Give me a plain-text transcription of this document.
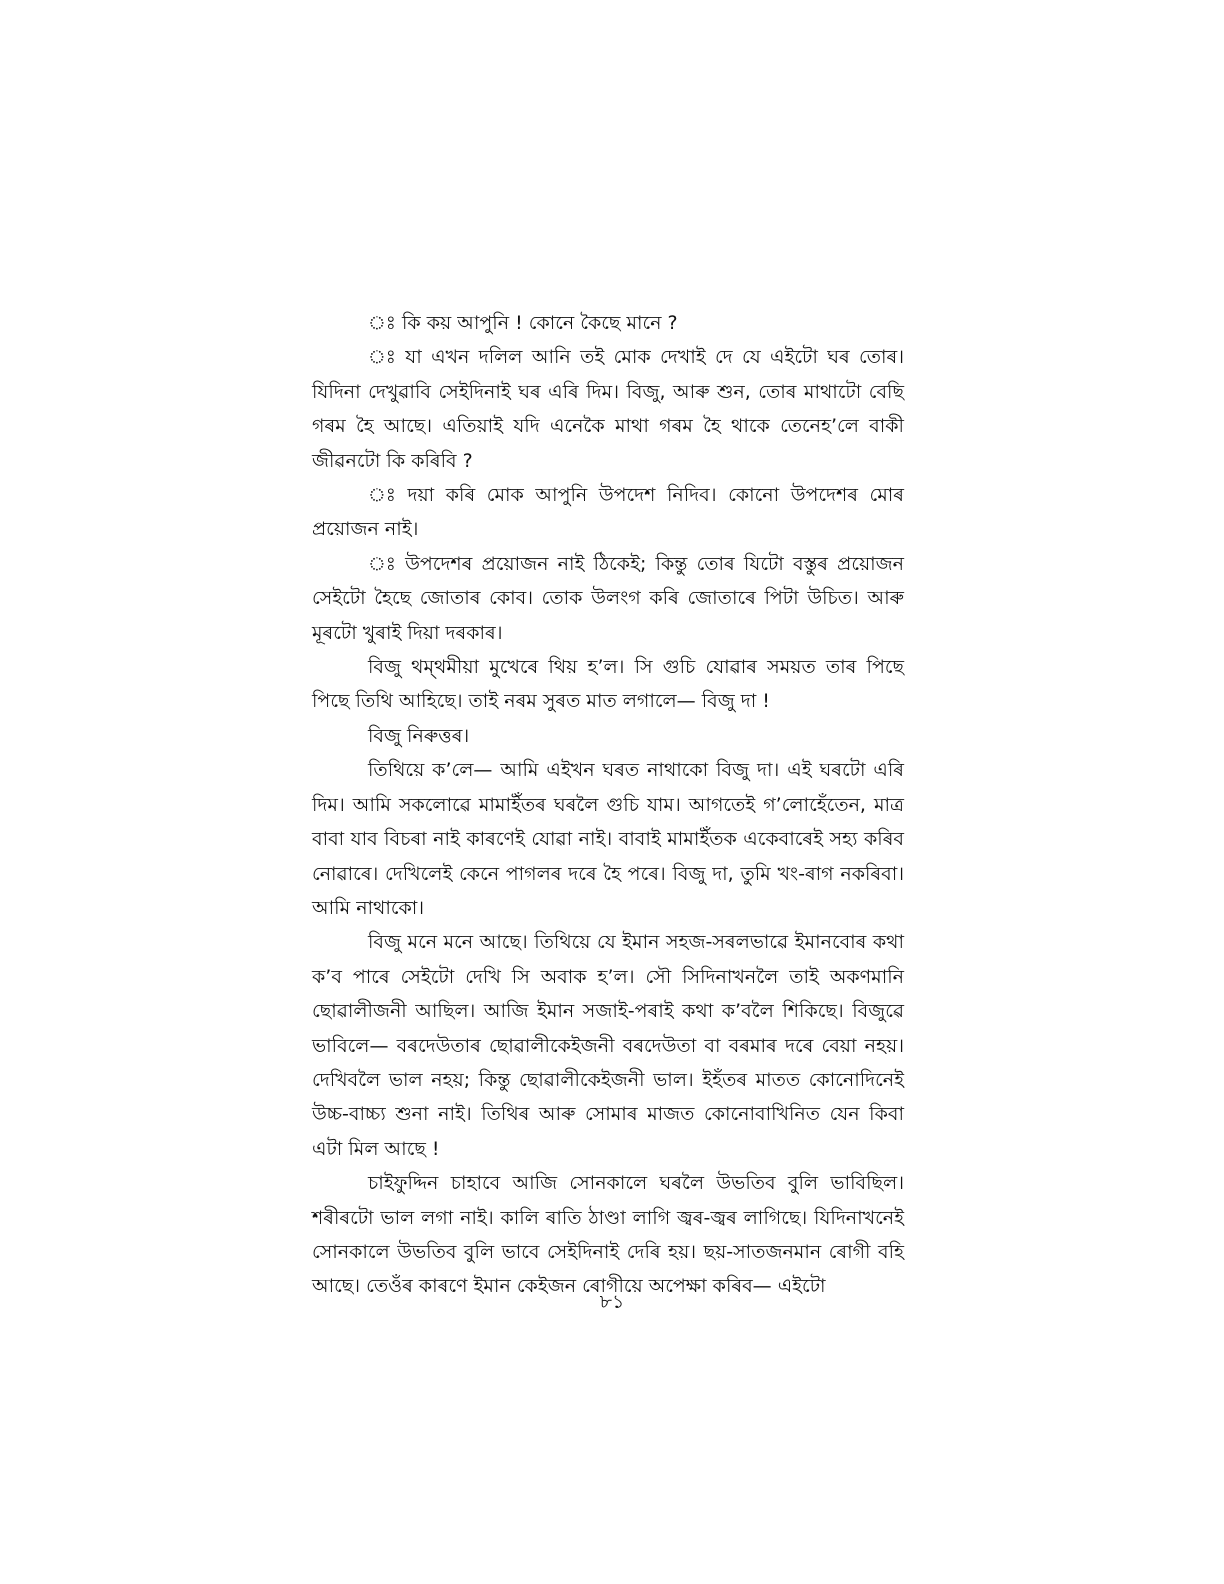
ঃ কি কয় আপুনি ! কোনে কৈছে মানে ?

ঃ যা এখন দলিল আনি তই মোক দেখাই দে যে এইটো ঘৰ তোৰ। যিদিনা দেখুৱাবি সেইদিনাই ঘৰ এৰি দিম। বিজু, আৰু শুন, তোৰ মাথাটো বেছি গৰম হৈ আছে। এতিয়াই যদি এনেকৈ মাথা গৰম হৈ থাকে তেনেহ’লে বাকী জীৱনটো কি কৰিবি ?

ঃ দয়া কৰি মোক আপুনি উপদেশ নিদিব। কোনো উপদেশৰ মোৰ প্ৰয়োজন নাই।

ঃ উপদেশৰ প্ৰয়োজন নাই ঠিকেই; কিন্তু তোৰ যিটো বস্তুৰ প্ৰয়োজন সেইটো হৈছে জোতাৰ কোব। তোক উলংগ কৰি জোতাৰে পিটা উচিত। আৰু মূৰটো খুৰাই দিয়া দৰকাৰ।

বিজু থম্‌থমীয়া মুখেৰে থিয় হ’ল। সি গুচি যোৱাৰ সময়ত তাৰ পিছে পিছে তিথি আহিছে। তাই নৰম সুৰত মাত লগালে— বিজু দা !

বিজু নিৰুত্তৰ।

তিথিয়ে ক’লে— আমি এইখন ঘৰত নাথাকো বিজু দা। এই ঘৰটো এৰি দিম। আমি সকলোৱে মামাইঁতৰ ঘৰলৈ গুচি যাম। আগতেই গ’লোহেঁতেন, মাত্ৰ বাবা যাব বিচৰা নাই কাৰণেই যোৱা নাই। বাবাই মামাইঁতক একেবাৰেই সহ্য কৰিব নোৱাৰে। দেখিলেই কেনে পাগলৰ দৰে হৈ পৰে। বিজু দা, তুমি খং-ৰাগ নকৰিবা। আমি নাথাকো।

বিজু মনে মনে আছে। তিথিয়ে যে ইমান সহজ-সৰলভাৱে ইমানবোৰ কথা ক’ব পাৰে সেইটো দেখি সি অবাক হ’ল। সৌ সিদিনাখনলৈ তাই অকণমানি ছোৱালীজনী আছিল। আজি ইমান সজাই-পৰাই কথা ক’বলৈ শিকিছে। বিজুৱে ভাবিলে— বৰদেউতাৰ ছোৱালীকেইজনী বৰদেউতা বা বৰমাৰ দৰে বেয়া নহয়। দেখিবলৈ ভাল নহয়; কিন্তু ছোৱালীকেইজনী ভাল। ইহঁতৰ মাতত কোনোদিনেই উচ্চ-বাচ্চ্য শুনা নাই। তিথিৰ আৰু সোমাৰ মাজত কোনোবাখিনিত যেন কিবা এটা মিল আছে !

চাইফুদ্দিন চাহাবে আজি সোনকালে ঘৰলৈ উভতিব বুলি ভাবিছিল। শৰীৰটো ভাল লগা নাই। কালি ৰাতি ঠাণ্ডা লাগি জ্বৰ-জ্বৰ লাগিছে। যিদিনাখনেই সোনকালে উভতিব বুলি ভাবে সেইদিনাই দেৰি হয়। ছয়-সাতজনমান ৰোগী বহি আছে। তেওঁৰ কাৰণে ইমান কেইজন ৰোগীয়ে অপেক্ষা কৰিব— এইটো

৮১
